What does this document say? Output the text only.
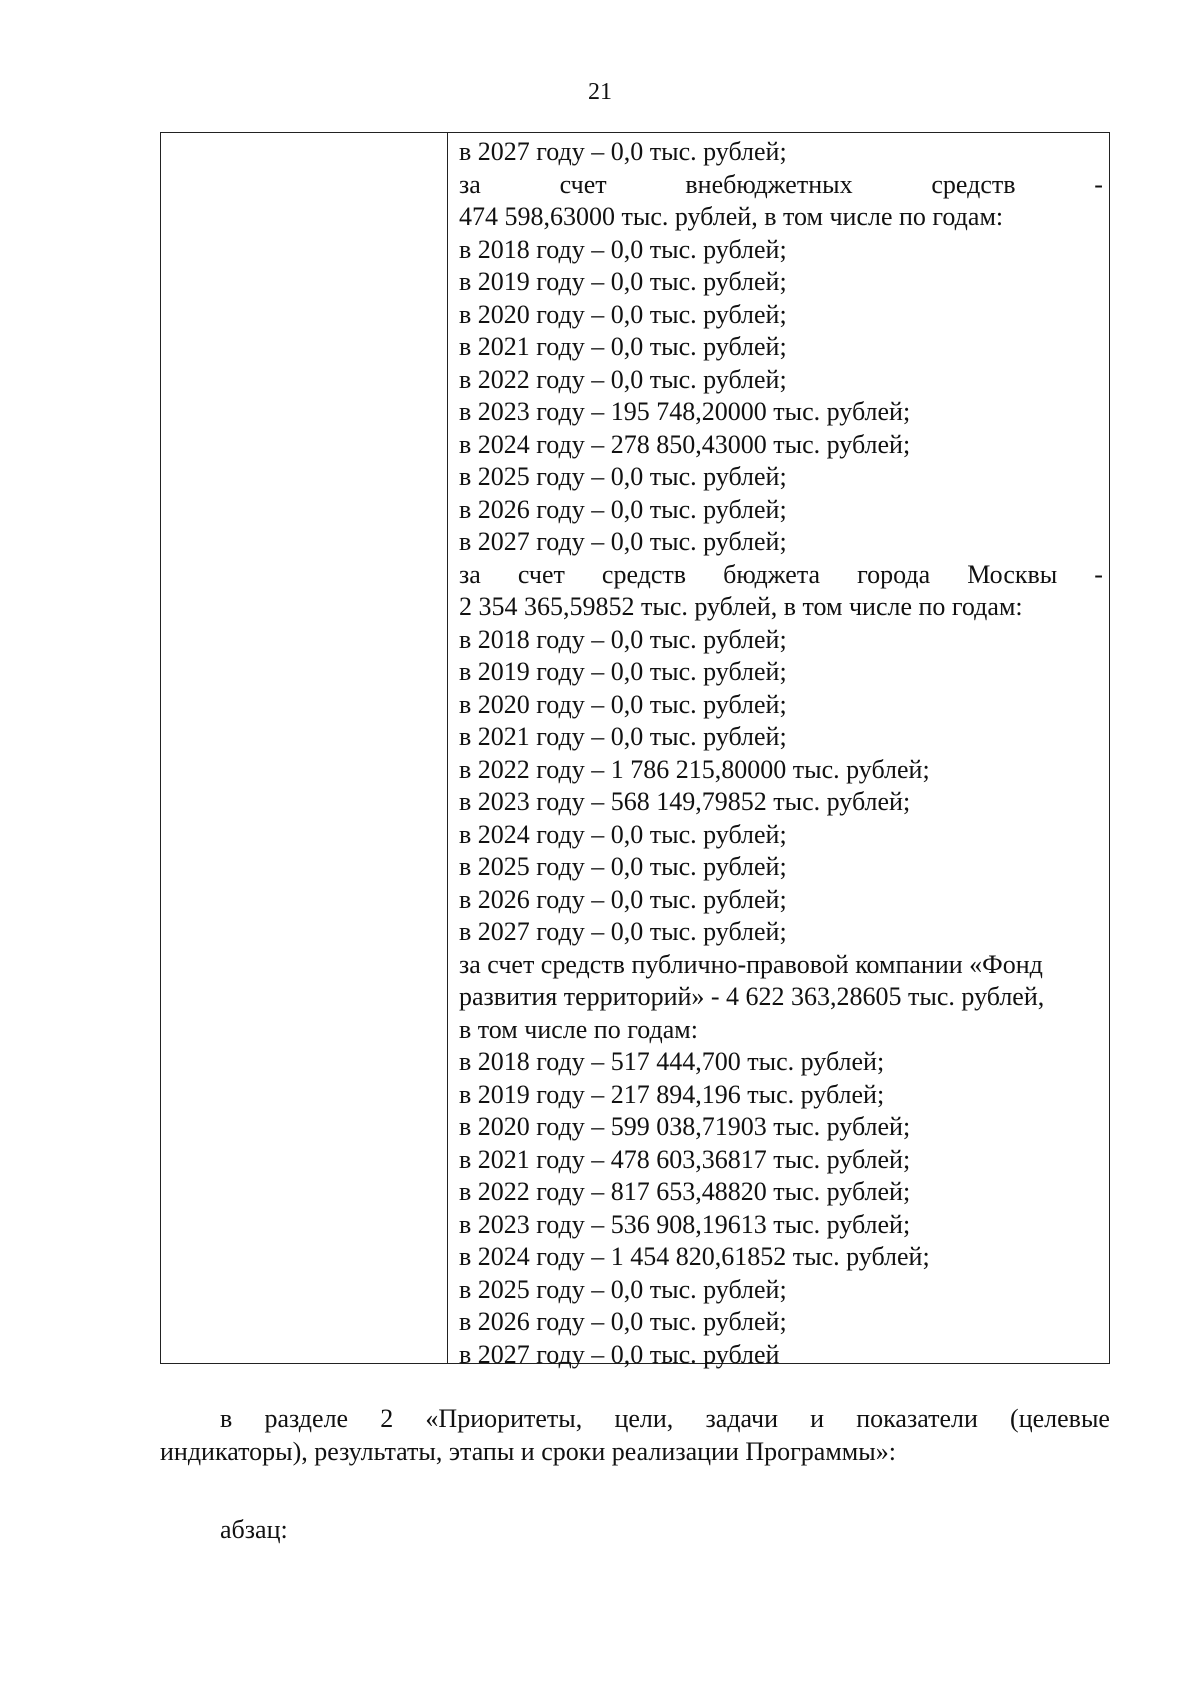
21
в 2027 году – 0,0 тыс. рублей;
за	счет	внебюджетных	средств	-
474 598,63000 тыс. рублей, в том числе по годам:
в 2018 году – 0,0 тыс. рублей;
в 2019 году – 0,0 тыс. рублей;
в 2020 году – 0,0 тыс. рублей;
в 2021 году – 0,0 тыс. рублей;
в 2022 году – 0,0 тыс. рублей;
в 2023 году – 195 748,20000 тыс. рублей;
в 2024 году – 278 850,43000 тыс. рублей;
в 2025 году – 0,0 тыс. рублей;
в 2026 году – 0,0 тыс. рублей;
в 2027 году – 0,0 тыс. рублей;
за счет средств бюджета города Москвы -
2 354 365,59852 тыс. рублей, в том числе по годам:
в 2018 году – 0,0 тыс. рублей;
в 2019 году – 0,0 тыс. рублей;
в 2020 году – 0,0 тыс. рублей;
в 2021 году – 0,0 тыс. рублей;
в 2022 году – 1 786 215,80000 тыс. рублей;
в 2023 году – 568 149,79852 тыс. рублей;
в 2024 году – 0,0 тыс. рублей;
в 2025 году – 0,0 тыс. рублей;
в 2026 году – 0,0 тыс. рублей;
в 2027 году – 0,0 тыс. рублей;
за счет средств публично-правовой компании «Фонд
развития территорий» - 4 622 363,28605 тыс. рублей,
в том числе по годам:
в 2018 году – 517 444,700 тыс. рублей;
в 2019 году – 217 894,196 тыс. рублей;
в 2020 году – 599 038,71903 тыс. рублей;
в 2021 году – 478 603,36817 тыс. рублей;
в 2022 году – 817 653,48820 тыс. рублей;
в 2023 году – 536 908,19613 тыс. рублей;
в 2024 году – 1 454 820,61852 тыс. рублей;
в 2025 году – 0,0 тыс. рублей;
в 2026 году – 0,0 тыс. рублей;
в 2027 году – 0,0 тыс. рублей
в разделе 2 «Приоритеты, цели, задачи и показатели (целевые
индикаторы), результаты, этапы и сроки реализации Программы»:
абзац:
